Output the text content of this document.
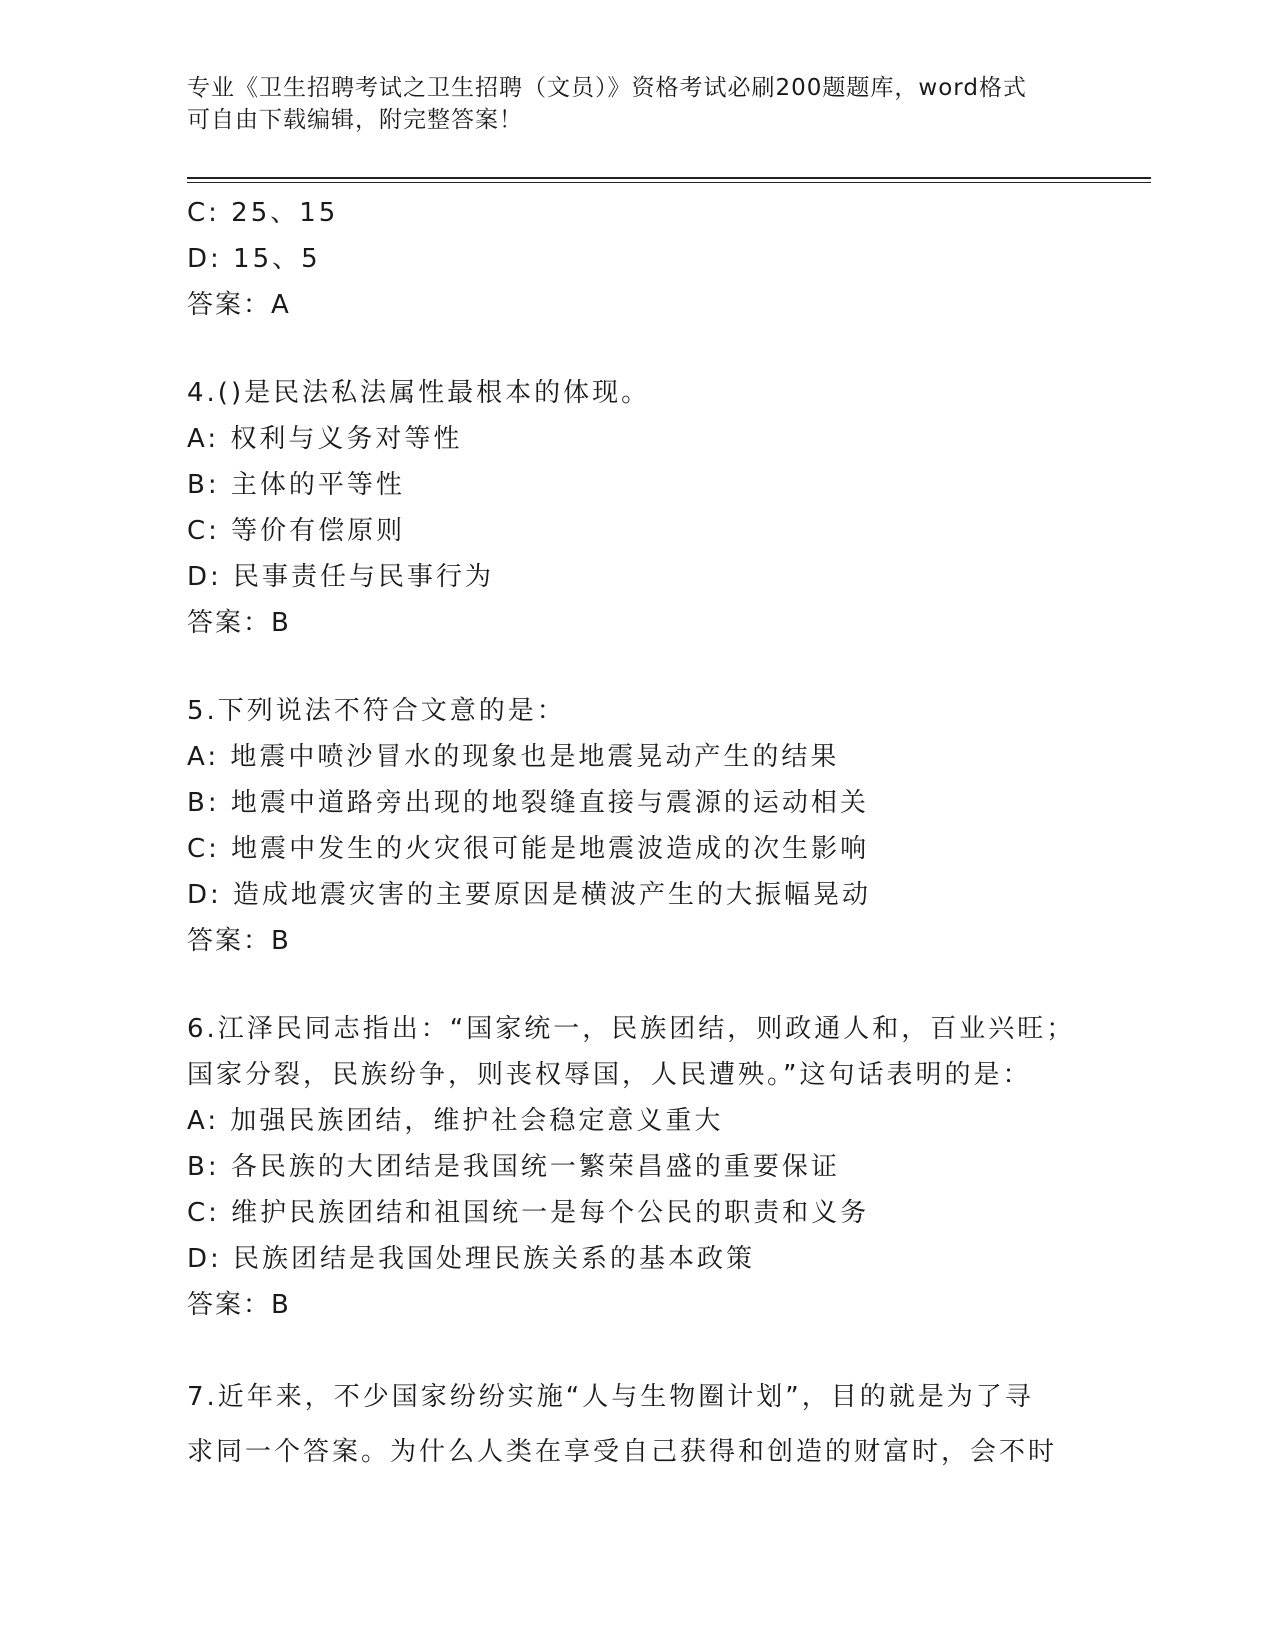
专业《卫生招聘考试之卫生招聘（文员）》资格考试必刷200题题库，word格式
可自由下载编辑，附完整答案！
C: 25、15
D: 15、5
答案：A
4.()是民法私法属性最根本的体现。
A: 权利与义务对等性
B: 主体的平等性
C: 等价有偿原则
D: 民事责任与民事行为
答案：B
5.下列说法不符合文意的是：
A: 地震中喷沙冒水的现象也是地震晃动产生的结果
B: 地震中道路旁出现的地裂缝直接与震源的运动相关
C: 地震中发生的火灾很可能是地震波造成的次生影响
D: 造成地震灾害的主要原因是横波产生的大振幅晃动
答案：B
6.江泽民同志指出：“国家统一，民族团结，则政通人和，百业兴旺；
国家分裂，民族纷争，则丧权辱国，人民遭殃。”这句话表明的是：
A: 加强民族团结，维护社会稳定意义重大
B: 各民族的大团结是我国统一繁荣昌盛的重要保证
C: 维护民族团结和祖国统一是每个公民的职责和义务
D: 民族团结是我国处理民族关系的基本政策
答案：B
7.近年来，不少国家纷纷实施“人与生物圈计划”，目的就是为了寻
求同一个答案。为什么人类在享受自己获得和创造的财富时，会不时
